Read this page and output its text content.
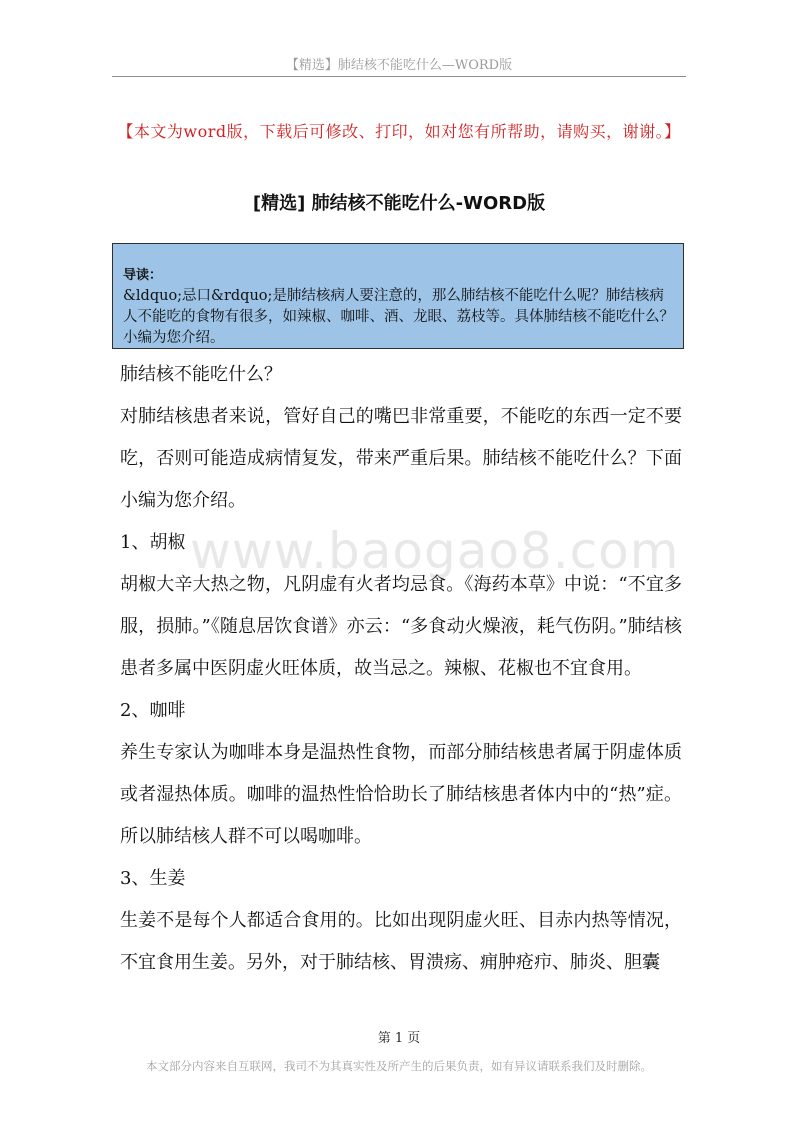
【精选】肺结核不能吃什么—WORD版
【本文为word版，下载后可修改、打印，如对您有所帮助，请购买，谢谢。】
[精选] 肺结核不能吃什么-WORD版
导读：
&ldquo;忌口&rdquo;是肺结核病人要注意的，那么肺结核不能吃什么呢？肺结核病人不能吃的食物有很多，如辣椒、咖啡、酒、龙眼、荔枝等。具体肺结核不能吃什么？小编为您介绍。

肺结核不能吃什么？

对肺结核患者来说，管好自己的嘴巴非常重要，不能吃的东西一定不要吃，否则可能造成病情复发，带来严重后果。肺结核不能吃什么？下面小编为您介绍。

1、胡椒

胡椒大辛大热之物，凡阴虚有火者均忌食。《海药本草》中说：“不宜多服，损肺。”《随息居饮食谱》亦云：“多食动火燥液，耗气伤阴。”肺结核患者多属中医阴虚火旺体质，故当忌之。辣椒、花椒也不宜食用。

2、咖啡

养生专家认为咖啡本身是温热性食物，而部分肺结核患者属于阴虚体质或者湿热体质。咖啡的温热性恰恰助长了肺结核患者体内中的“热”症。所以肺结核人群不可以喝咖啡。

3、生姜

生姜不是每个人都适合食用的。比如出现阴虚火旺、目赤内热等情况，不宜食用生姜。另外，对于肺结核、胃溃疡、痈肿疮疖、肺炎、胆囊

www.baogao8.com
第 1 页
本文部分内容来自互联网，我司不为其真实性及所产生的后果负责，如有异议请联系我们及时删除。
